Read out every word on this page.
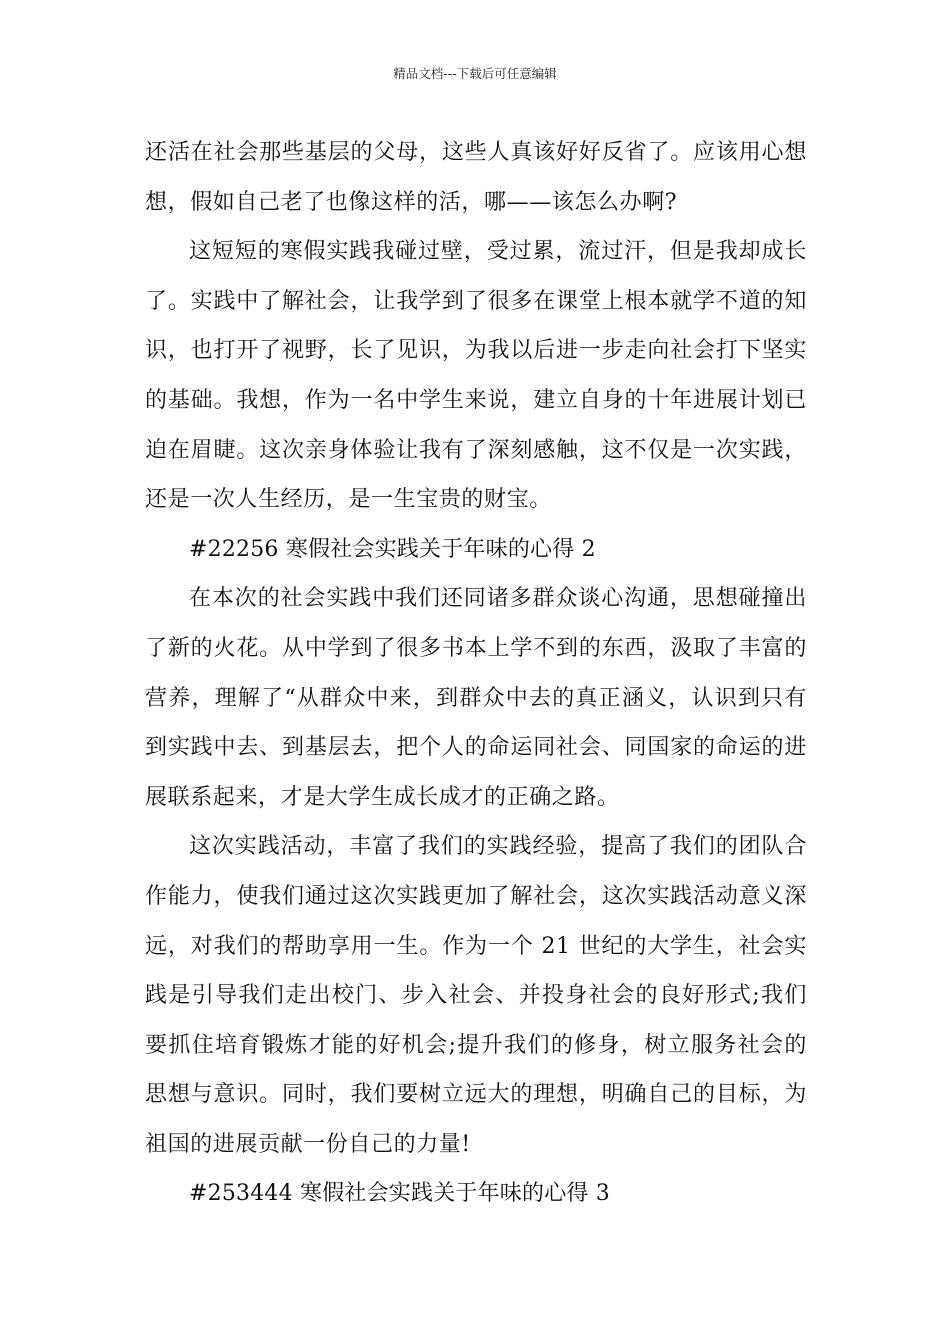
精品文档---下载后可任意编辑

还活在社会那些基层的父母，这些人真该好好反省了。应该用心想想，假如自己老了也像这样的活，哪——该怎么办啊?

这短短的寒假实践我碰过壁，受过累，流过汗，但是我却成长了。实践中了解社会，让我学到了很多在课堂上根本就学不道的知识，也打开了视野，长了见识，为我以后进一步走向社会打下坚实的基础。我想，作为一名中学生来说，建立自身的十年进展计划已迫在眉睫。这次亲身体验让我有了深刻感触，这不仅是一次实践，还是一次人生经历，是一生宝贵的财宝。

#22256 寒假社会实践关于年味的心得 2

在本次的社会实践中我们还同诸多群众谈心沟通，思想碰撞出了新的火花。从中学到了很多书本上学不到的东西，汲取了丰富的营养，理解了“从群众中来，到群众中去的真正涵义，认识到只有到实践中去、到基层去，把个人的命运同社会、同国家的命运的进展联系起来，才是大学生成长成才的正确之路。

这次实践活动，丰富了我们的实践经验，提高了我们的团队合作能力，使我们通过这次实践更加了解社会，这次实践活动意义深远，对我们的帮助享用一生。作为一个 21 世纪的大学生，社会实践是引导我们走出校门、步入社会、并投身社会的良好形式;我们要抓住培育锻炼才能的好机会;提升我们的修身，树立服务社会的思想与意识。同时，我们要树立远大的理想，明确自己的目标，为祖国的进展贡献一份自己的力量!

#253444 寒假社会实践关于年味的心得 3
